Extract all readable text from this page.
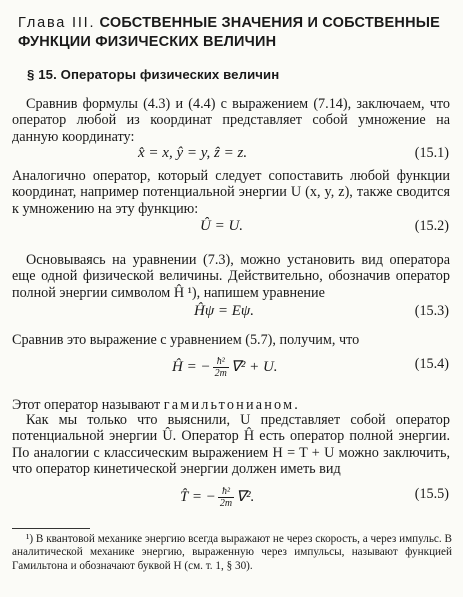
Глава III. СОБСТВЕННЫЕ ЗНАЧЕНИЯ И СОБСТВЕННЫЕ ФУНКЦИИ ФИЗИЧЕСКИХ ВЕЛИЧИН
§ 15. Операторы физических величин
Сравнив формулы (4.3) и (4.4) с выражением (7.14), заключаем, что оператор любой из координат представляет собой умножение на данную координату:
x̂ = x, ŷ = y, ẑ = z.	(15.1)
Аналогично оператор, который следует сопоставить любой функции координат, например потенциальной энергии U (x, y, z), также сводится к умножению на эту функцию:
Û = U.	(15.2)
Основываясь на уравнении (7.3), можно установить вид оператора еще одной физической величины. Действительно, обозначив оператор полной энергии символом Ĥ ¹), напишем уравнение
Ĥψ = Eψ.	(15.3)
Сравнив это выражение с уравнением (5.7), получим, что
Ĥ = − $\frac{\text{ħ²}}{2m} \nabla^2 + U$.	(15.4)
Этот оператор называют гамильтонианом.
Как мы только что выяснили, U представляет собой оператор потенциальной энергии Û. Оператор Ĥ есть оператор полной энергии. По аналогии с классическим выражением H = T + U можно заключить, что оператор кинетической энергии должен иметь вид
T̂ = − $\frac{\text{ħ²}}{2m} \nabla^2$.	(15.5)
¹) В квантовой механике энергию всегда выражают не через скорость, а через импульс. В аналитической механике энергию, выраженную через импульсы, называют функцией Гамильтона и обозначают буквой H (см. т. 1, § 30).
